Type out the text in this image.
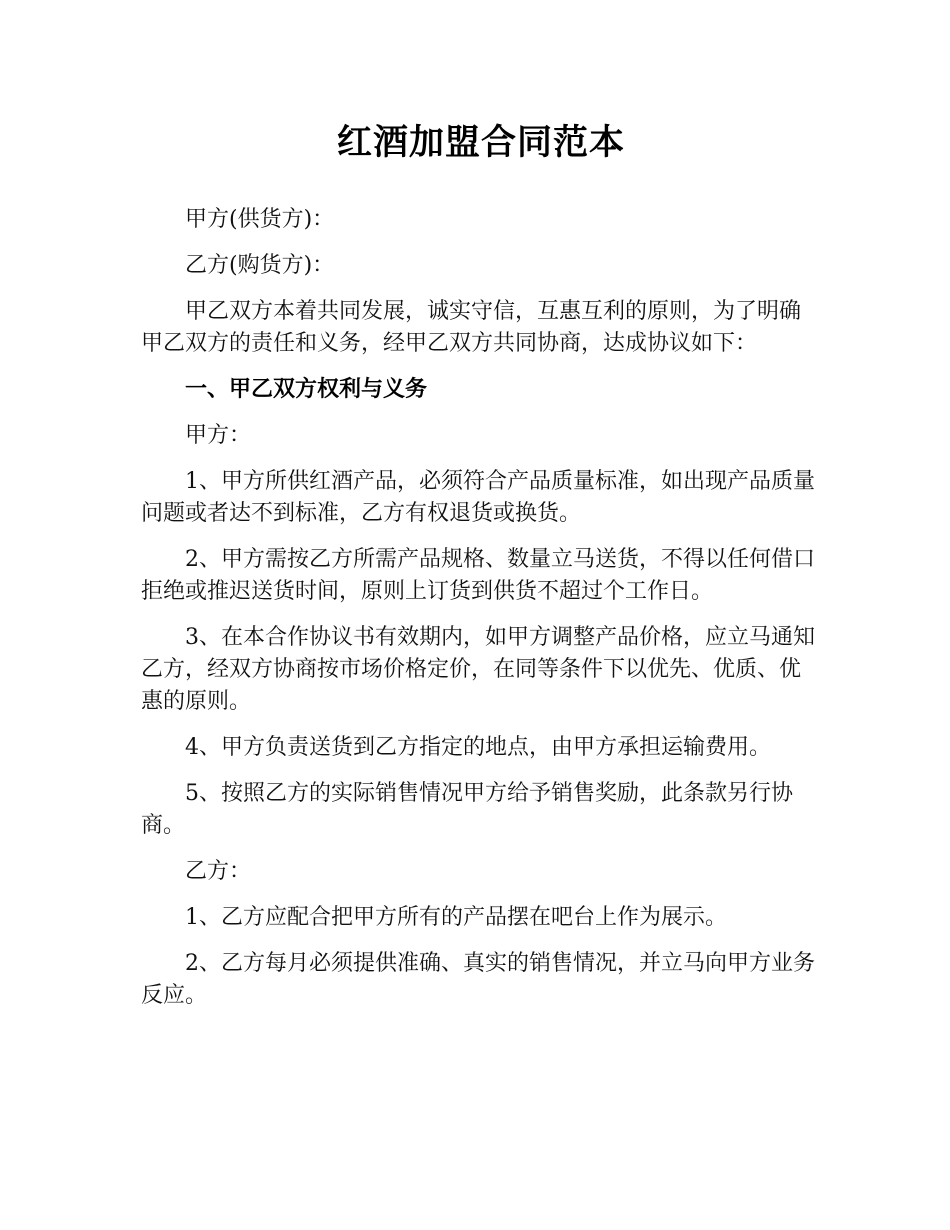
红酒加盟合同范本

甲方(供货方)：

乙方(购货方)：

甲乙双方本着共同发展，诚实守信，互惠互利的原则，为了明确甲乙双方的责任和义务，经甲乙双方共同协商，达成协议如下：

一、甲乙双方权利与义务

甲方：

1、甲方所供红酒产品，必须符合产品质量标准，如出现产品质量问题或者达不到标准，乙方有权退货或换货。

2、甲方需按乙方所需产品规格、数量立马送货，不得以任何借口拒绝或推迟送货时间，原则上订货到供货不超过个工作日。

3、在本合作协议书有效期内，如甲方调整产品价格，应立马通知乙方，经双方协商按市场价格定价，在同等条件下以优先、优质、优惠的原则。

4、甲方负责送货到乙方指定的地点，由甲方承担运输费用。

5、按照乙方的实际销售情况甲方给予销售奖励，此条款另行协商。

乙方：

1、乙方应配合把甲方所有的产品摆在吧台上作为展示。

2、乙方每月必须提供准确、真实的销售情况，并立马向甲方业务反应。
